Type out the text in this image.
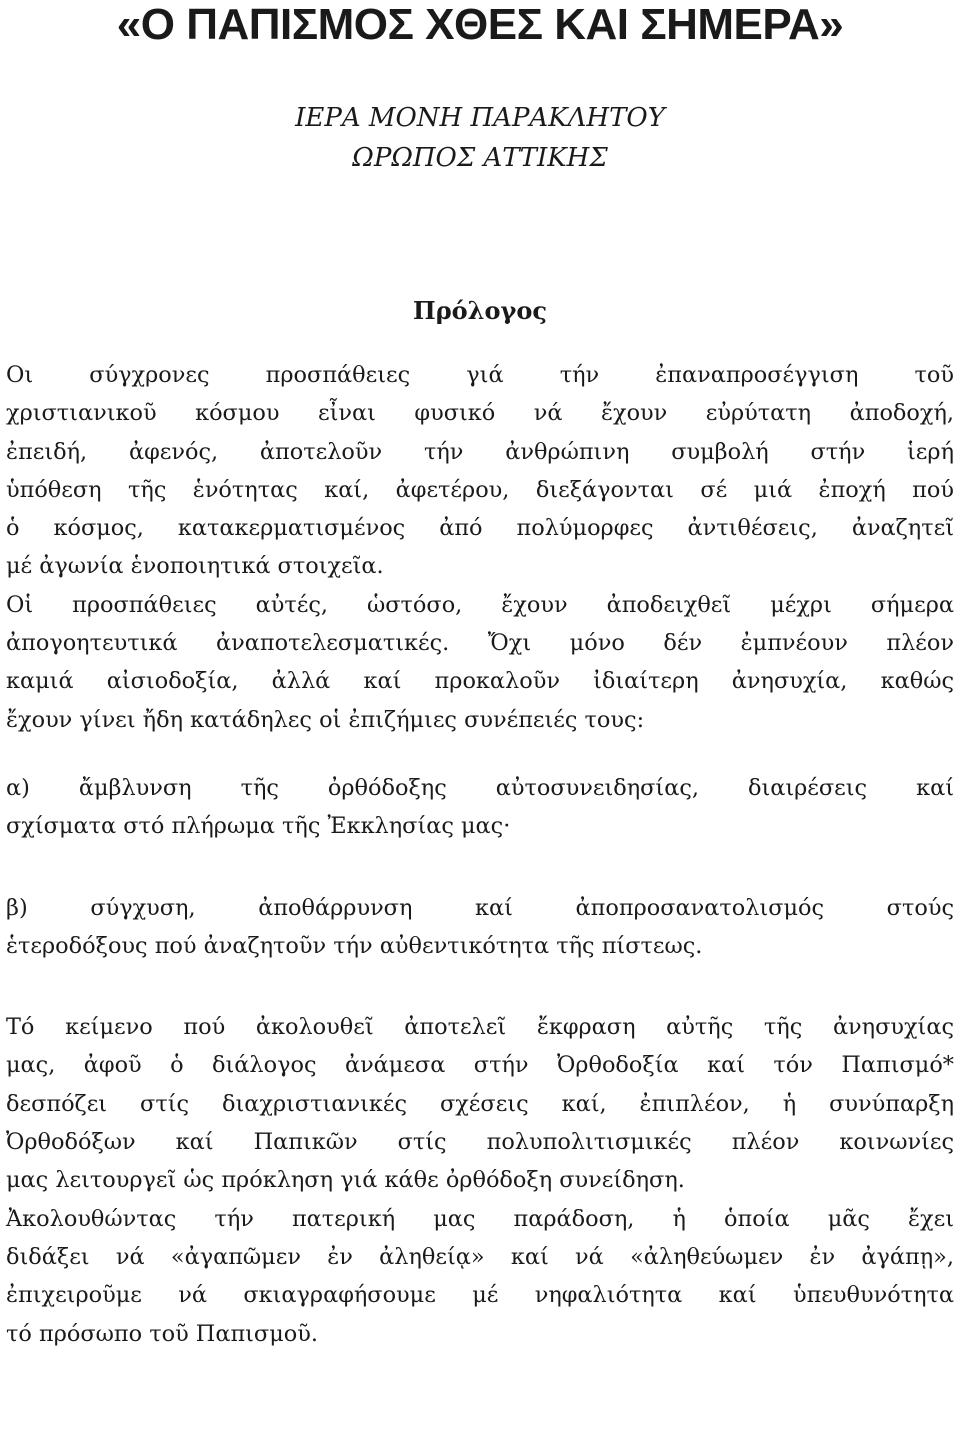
«Ο ΠΑΠΙΣΜΟΣ ΧΘΕΣ ΚΑΙ ΣΗΜΕΡΑ»
ΙΕΡΑ ΜΟΝΗ ΠΑΡΑΚΛΗΤΟΥ
ΩΡΩΠΟΣ ΑΤΤΙΚΗΣ
Πρόλογος
Οι σύγχρονες προσπάθειες γιά τήν ἐπαναπροσέγγιση τοῦ
χριστιανικοῦ κόσμου εἶναι φυσικό νά ἔχουν εὐρύτατη ἀποδοχή,
ἐπειδή, ἀφενός, ἀποτελοῦν τήν ἀνθρώπινη συμβολή στήν ἱερή
ὑπόθεση τῆς ἑνότητας καί, ἀφετέρου, διεξάγονται σέ μιά ἐποχή πού
ὁ κόσμος, κατακερματισμένος ἀπό πολύμορφες ἀντιθέσεις, ἀναζητεῖ
μέ ἀγωνία ἑνοποιητικά στοιχεῖα.
Οἱ προσπάθειες αὐτές, ὡστόσο, ἔχουν ἀποδειχθεῖ μέχρι σήμερα
ἀπογοητευτικά ἀναποτελεσματικές. Ὄχι μόνο δέν ἐμπνέουν πλέον
καμιά αἰσιοδοξία, ἀλλά καί προκαλοῦν ἰδιαίτερη ἀνησυχία, καθώς
ἔχουν γίνει ἤδη κατάδηλες οἱ ἐπιζήμιες συνέπειές τους:
α) ἄμβλυνση τῆς ὀρθόδοξης αὐτοσυνειδησίας, διαιρέσεις καί
σχίσματα στό πλήρωμα τῆς Ἐκκλησίας μας·
β) σύγχυση, ἀποθάρρυνση καί ἀποπροσανατολισμός στούς
ἑτεροδόξους πού ἀναζητοῦν τήν αὐθεντικότητα τῆς πίστεως.
Τό κείμενο πού ἀκολουθεῖ ἀποτελεῖ ἔκφραση αὐτῆς τῆς ἀνησυχίας
μας, ἀφοῦ ὁ διάλογος ἀνάμεσα στήν Ὀρθοδοξία καί τόν Παπισμό*
δεσπόζει στίς διαχριστιανικές σχέσεις καί, ἐπιπλέον, ἡ συνύπαρξη
Ὀρθοδόξων καί Παπικῶν στίς πολυπολιτισμικές πλέον κοινωνίες
μας λειτουργεῖ ὡς πρόκληση γιά κάθε ὀρθόδοξη συνείδηση.
Ἀκολουθώντας τήν πατερική μας παράδοση, ἡ ὁποία μᾶς ἔχει
διδάξει νά «ἀγαπῶμεν ἐν ἀληθείᾳ» καί νά «ἀληθεύωμεν ἐν ἀγάπῃ»,
ἐπιχειροῦμε νά σκιαγραφήσουμε μέ νηφαλιότητα καί ὑπευθυνότητα
τό πρόσωπο τοῦ Παπισμοῦ.
